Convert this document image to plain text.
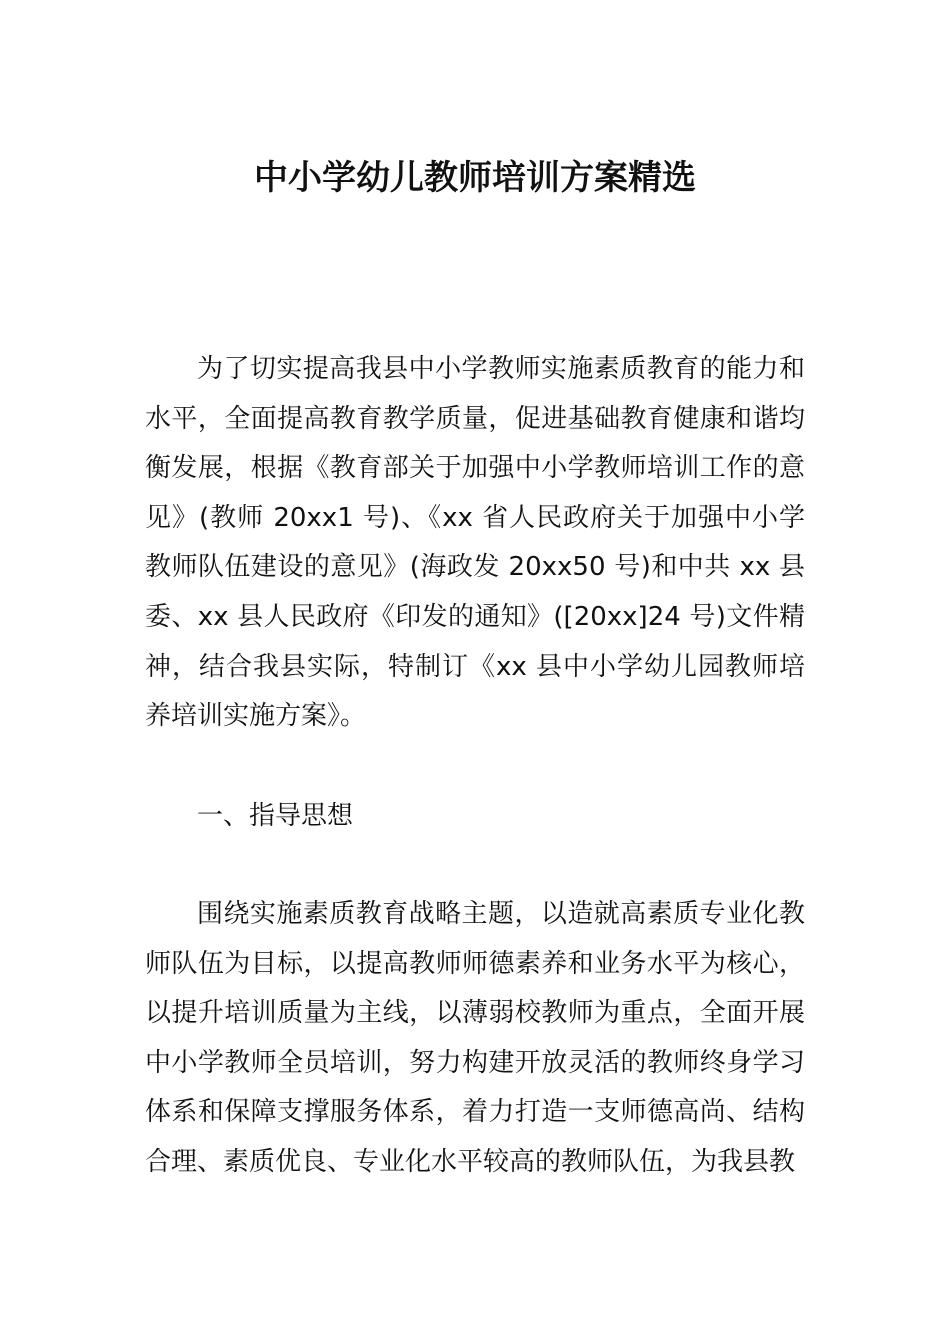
中小学幼儿教师培训方案精选

为了切实提高我县中小学教师实施素质教育的能力和水平，全面提高教育教学质量，促进基础教育健康和谐均衡发展，根据《教育部关于加强中小学教师培训工作的意见》(教师 20xx1 号)、《xx 省人民政府关于加强中小学教师队伍建设的意见》(海政发 20xx50 号)和中共 xx 县委、xx 县人民政府《印发的通知》([20xx]24 号)文件精神，结合我县实际，特制订《xx 县中小学幼儿园教师培养培训实施方案》。

一、指导思想

围绕实施素质教育战略主题，以造就高素质专业化教师队伍为目标，以提高教师师德素养和业务水平为核心，以提升培训质量为主线，以薄弱校教师为重点，全面开展中小学教师全员培训，努力构建开放灵活的教师终身学习体系和保障支撑服务体系，着力打造一支师德高尚、结构合理、素质优良、专业化水平较高的教师队伍，为我县教
